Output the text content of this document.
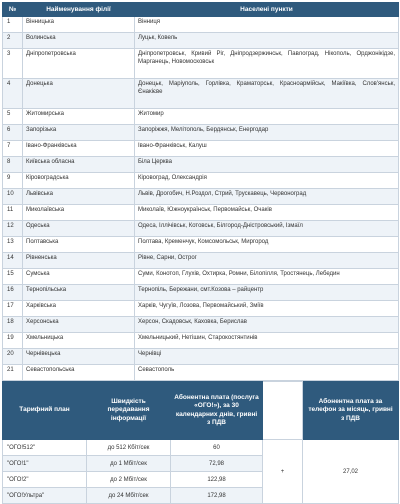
№	Найменування філії	Населені пункти
1	Вінницька	Вінниця
2	Волинська	Луцьк, Ковель
3	Дніпропетровська	Дніпропетровськ, Кривий Ріг, Дніпродзержинськ, Павлоград, Нікополь, Орджонікідзе, Марганець, Новомосковськ
4	Донецька	Донецьк, Маріуполь, Горлівка, Краматорськ, Красноармійськ, Макіївка, Слов'янськ, Єнакієве
5	Житомирська	Житомир
6	Запорізька	Запоріжжя, Мелітополь, Бердянськ, Енергодар
7	Івано-Франківська	Івано-Франківськ, Калуш
8	Київська обласна	Біла Церква
9	Кіровоградська	Кіровоград, Олександрія
10	Львівська	Львів, Дрогобич, Н.Роздол, Стрий, Трускавець, Червоноград
11	Миколаївська	Миколаїв, Южноукраїнськ, Первомайськ, Очаків
12	Одеська	Одеса, Іллічівськ, Котовськ, Білгород-Дністровський, Ізмаїл
13	Полтавська	Полтава, Кременчук, Комсомольськ, Миргород
14	Рівненська	Рівне, Сарни, Острог
15	Сумська	Суми, Конотоп, Глухів, Охтирка, Ромни, Білопілля, Тростянець, Лебедин
16	Тернопільська	Тернопіль, Бережани, смт.Козова – райцентр
17	Харківська	Харків, Чугуїв, Лозова, Первомайський, Зміїв
18	Херсонська	Херсон, Скадовськ, Каховка, Берислав
19	Хмельницька	Хмельницький, Нетішин, Старокостянтинів
20	Чернівецька	Чернівці
21	Севастопольська	Севастополь
Тарифний план	Швидкість передавання інформації	Абонентна плата (послуга «ОГО!»), за 30 календарних днів, гривні з ПДВ		Абонентна плата за телефон за місяць, гривні з ПДВ
"ОГО!512"	до 512 Кбіт/сек	60	+	27,02
"ОГО!1"	до 1 Мбіт/сек	72,98		
"ОГО!2"	до 2 Мбіт/сек	122,98		
"ОГО!Ультра"	до 24 Мбіт/сек	172,98		
